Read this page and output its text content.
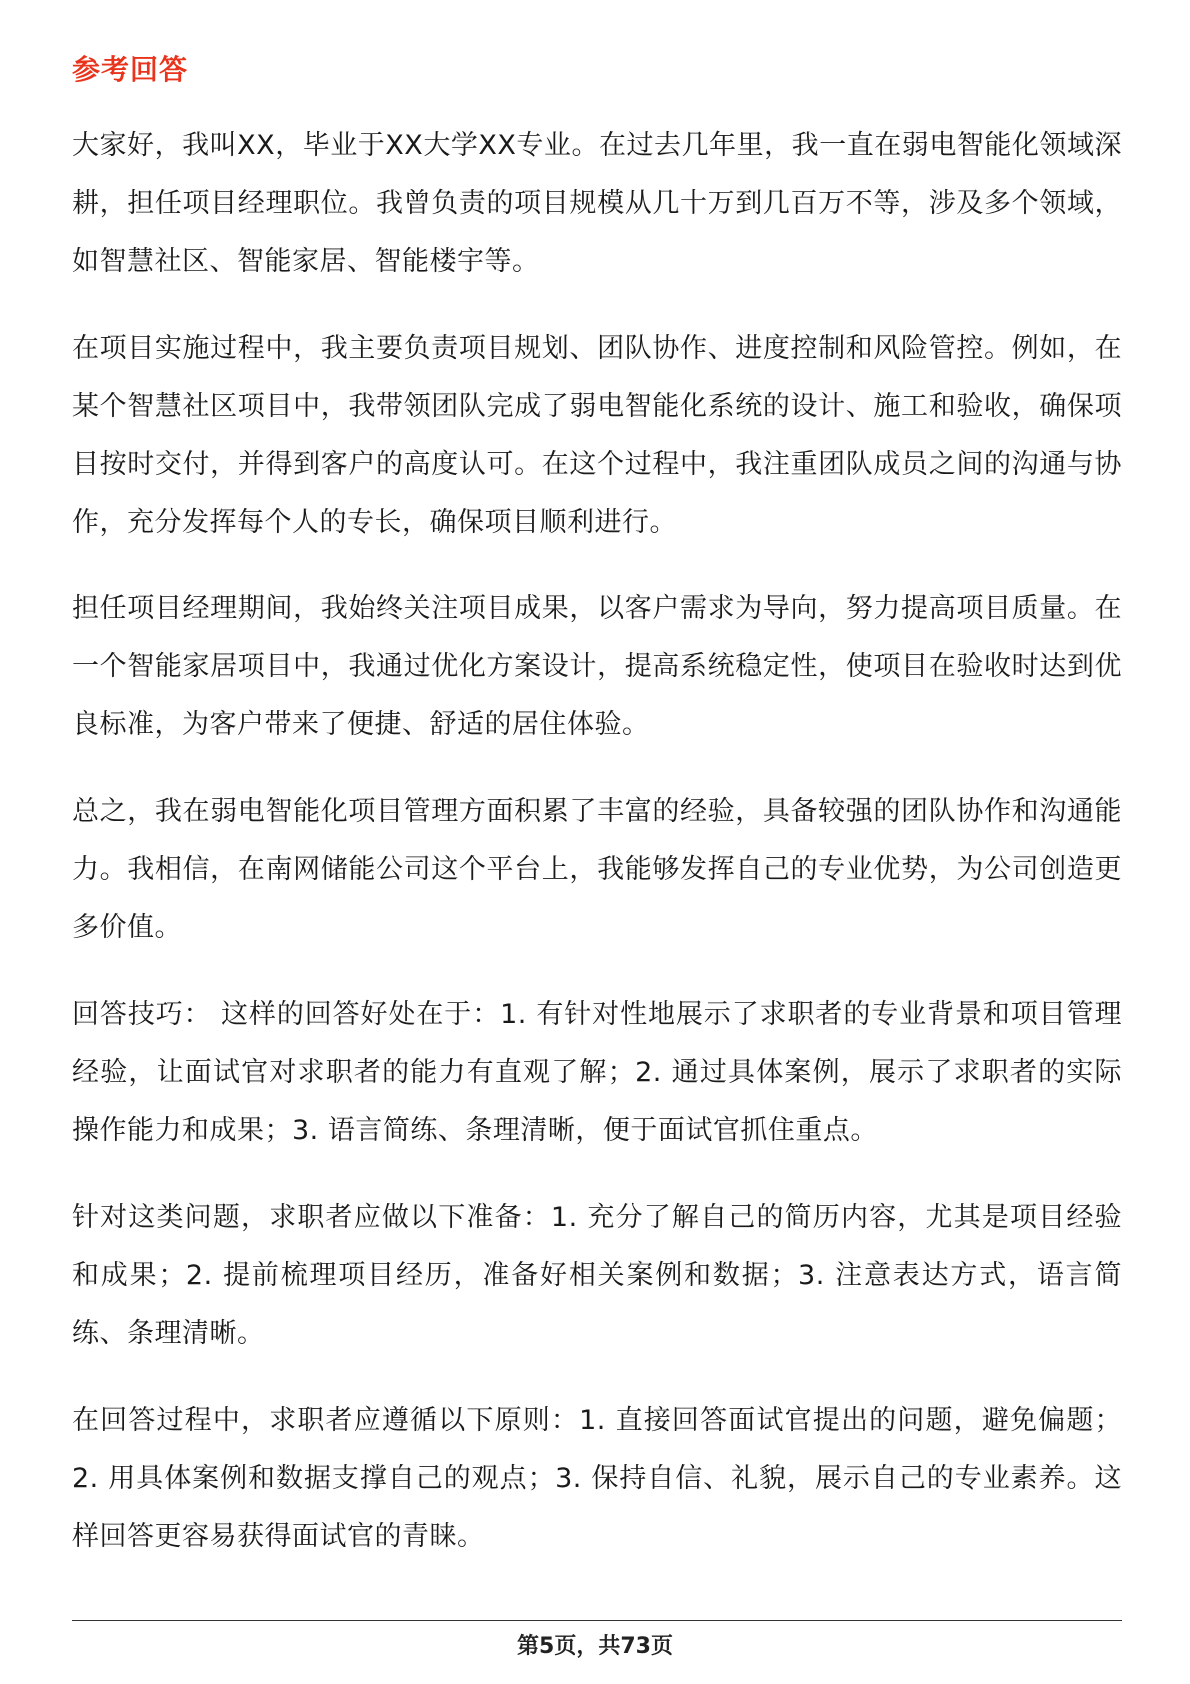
参考回答

大家好，我叫XX，毕业于XX大学XX专业。在过去几年里，我一直在弱电智能化领域深耕，担任项目经理职位。我曾负责的项目规模从几十万到几百万不等，涉及多个领域，如智慧社区、智能家居、智能楼宇等。

在项目实施过程中，我主要负责项目规划、团队协作、进度控制和风险管控。例如，在某个智慧社区项目中，我带领团队完成了弱电智能化系统的设计、施工和验收，确保项目按时交付，并得到客户的高度认可。在这个过程中，我注重团队成员之间的沟通与协作，充分发挥每个人的专长，确保项目顺利进行。

担任项目经理期间，我始终关注项目成果，以客户需求为导向，努力提高项目质量。在一个智能家居项目中，我通过优化方案设计，提高系统稳定性，使项目在验收时达到优良标准，为客户带来了便捷、舒适的居住体验。

总之，我在弱电智能化项目管理方面积累了丰富的经验，具备较强的团队协作和沟通能力。我相信，在南网储能公司这个平台上，我能够发挥自己的专业优势，为公司创造更多价值。

回答技巧： 这样的回答好处在于：1. 有针对性地展示了求职者的专业背景和项目管理经验，让面试官对求职者的能力有直观了解；2. 通过具体案例，展示了求职者的实际操作能力和成果；3. 语言简练、条理清晰，便于面试官抓住重点。

针对这类问题，求职者应做以下准备：1. 充分了解自己的简历内容，尤其是项目经验和成果；2. 提前梳理项目经历，准备好相关案例和数据；3. 注意表达方式，语言简练、条理清晰。

在回答过程中，求职者应遵循以下原则：1. 直接回答面试官提出的问题，避免偏题；2. 用具体案例和数据支撑自己的观点；3. 保持自信、礼貌，展示自己的专业素养。这样回答更容易获得面试官的青睐。

第5页，共73页
